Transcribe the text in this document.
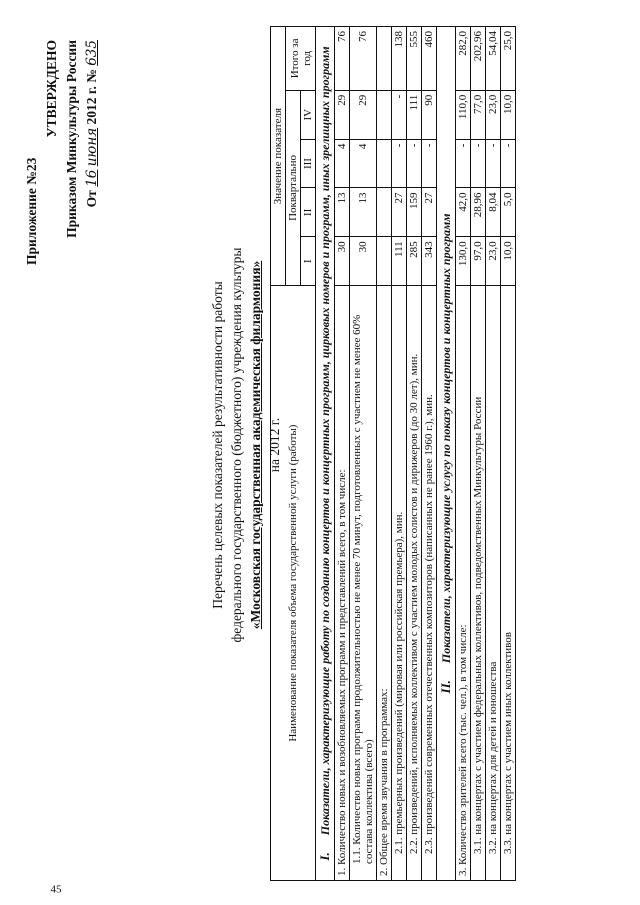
45
Приложение №23
УТВЕРЖДЕНО Приказом Минкультуры России От 16 июня 2012 г. № 635
Перечень целевых показателей результативности работы федерального государственного (бюджетного) учреждения культуры «Московская государственная академическая филармония» на 2012 г. Наименование показателя объема государственной услуги (работы)	Значение показателя				
	Поквартально				Итого за год
	I	II	III	IV	
I. Показатели, характеризующие работу по созданию концертов и концертных программ, цирковых номеров и программ, иных зрелищных программ					
1. Количество новых и возобновляемых программ и представлений всего, в том числе:	30	13	4	29	76
1.1. Количество новых программ продолжительностью не менее 70 минут, подготовленных с участием не менее 60% состава коллектива (всего)	30	13	4	29	76
2. Общее время звучания в программах:					
2.1. премьерных произведений (мировая или российская премьера), мин.	111	27	-	-	138
2.2. произведений, исполняемых коллективом с участием молодых солистов и дирижеров (до 30 лет), мин.	285	159	-	111	555
2.3. произведений современных отечественных композиторов (написанных не ранее 1960 г.), мин.	343	27	-	90	460
II. Показатели, характеризующие услугу по показу концертов и концертных программ					
3. Количество зрителей всего (тыс. чел.), в том числе:	130,0	42,0	-	110,0	282,0
3.1. на концертах с участием федеральных коллективов, подведомственных Минкультуры России	97,0	28,96	-	77,0	202,96
3.2. на концертах для детей и юношества	23,0	8,04	-	23,0	54,04
3.3. на концертах с участием иных коллективов	10,0	5,0	-	10,0	25,0
